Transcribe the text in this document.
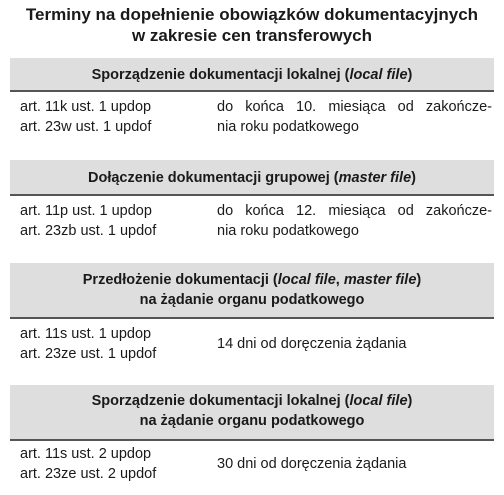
Terminy na dopełnienie obowiązków dokumentacyjnych
w zakresie cen transferowych
Sporządzenie dokumentacji lokalnej (local file)
art. 11k ust. 1 updop
art. 23w ust. 1 updof
do końca 10. miesiąca od zakończe-
nia roku podatkowego
Dołączenie dokumentacji grupowej (master file)
art. 11p ust. 1 updop
art. 23zb ust. 1 updof
do końca 12. miesiąca od zakończe-
nia roku podatkowego
Przedłożenie dokumentacji (local file, master file)
na żądanie organu podatkowego
art. 11s ust. 1 updop
art. 23ze ust. 1 updof
14 dni od doręczenia żądania
Sporządzenie dokumentacji lokalnej (local file)
na żądanie organu podatkowego
art. 11s ust. 2 updop
art. 23ze ust. 2 updof
30 dni od doręczenia żądania
